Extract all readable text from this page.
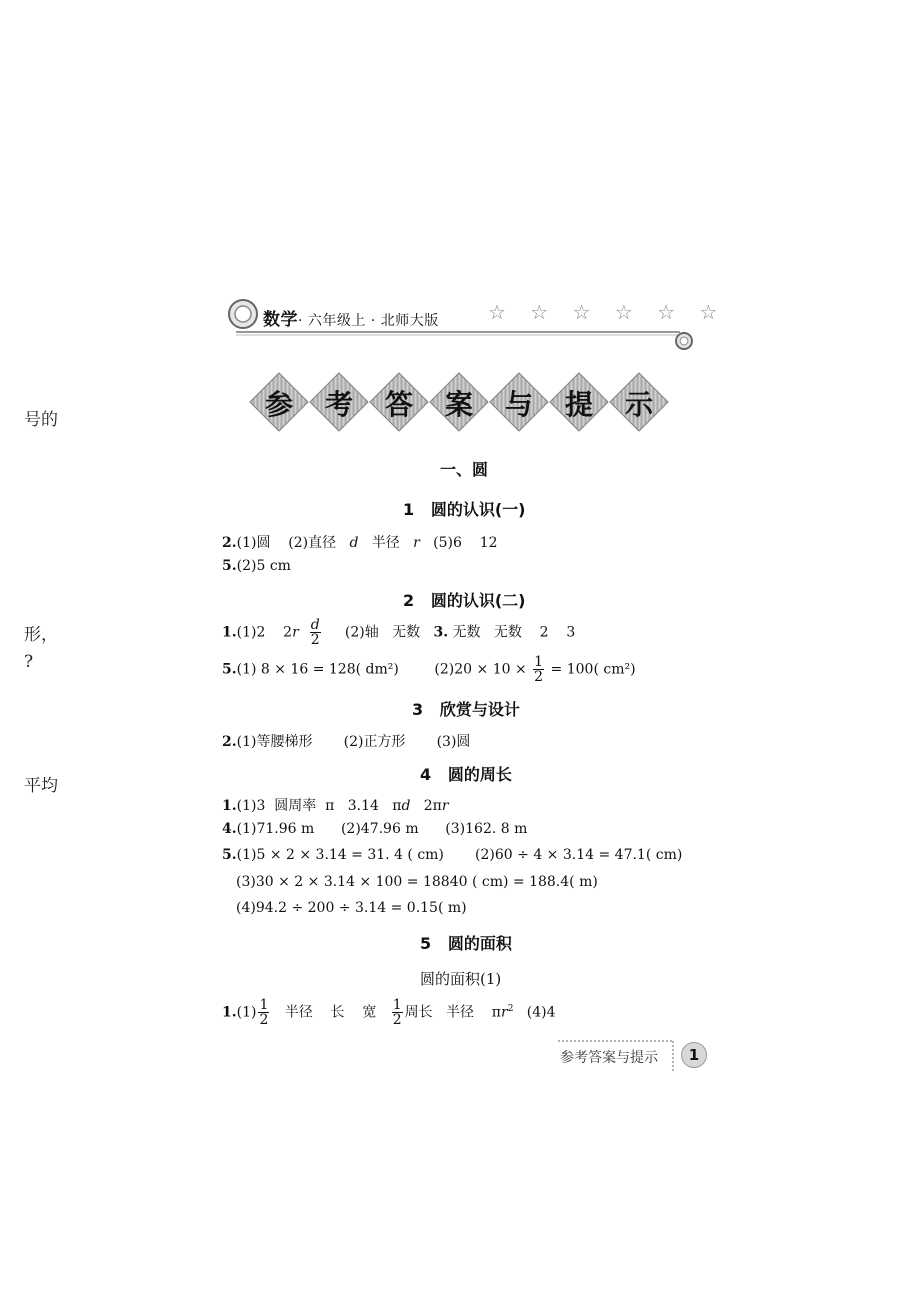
号的
形，
?
平均
数学· 六年级上 · 北师大版 ☆ ☆ ☆ ☆ ☆ ☆
参	考	答	案	与	提	示
一、圆
1   圆的认识(一)
2.(1)圆    (2)直径   d   半径   r   (5)6    12
5.(2)5 cm
2   圆的认识(二)
1.(1)2    $2r \frac{d}{2} (2)$轴   无数   3. 无数   无数    2    3
5.(1) 8 × 16 = 128( dm²)        $(2)20 \times 10 \times \frac{1}{2} = 100$( cm²)
3   欣赏与设计
2.(1)等腰梯形       (2)正方形       (3)圆
4   圆的周长
1.(1)3  圆周率  π   3.14   πd   2πr
4.(1)71.96 m      (2)47.96 m      (3)162. 8 m
5.(1)5 × 2 × 3.14 = 31. 4 ( cm)       (2)60 ÷ 4 × 3.14 = 47.1( cm)
(3)30 × 2 × 3.14 × 100 = 18840 ( cm) = 188.4( m)
(4)94.2 ÷ 200 ÷ 3.14 = 0.15( m)
5   圆的面积
圆的面积(1)
$1.(1) \frac{1}{2}$ 半径    长    宽 $\frac{1}{2}$ 周长   半径    $\pi r^2$   (4)4
参考答案与提示	1
